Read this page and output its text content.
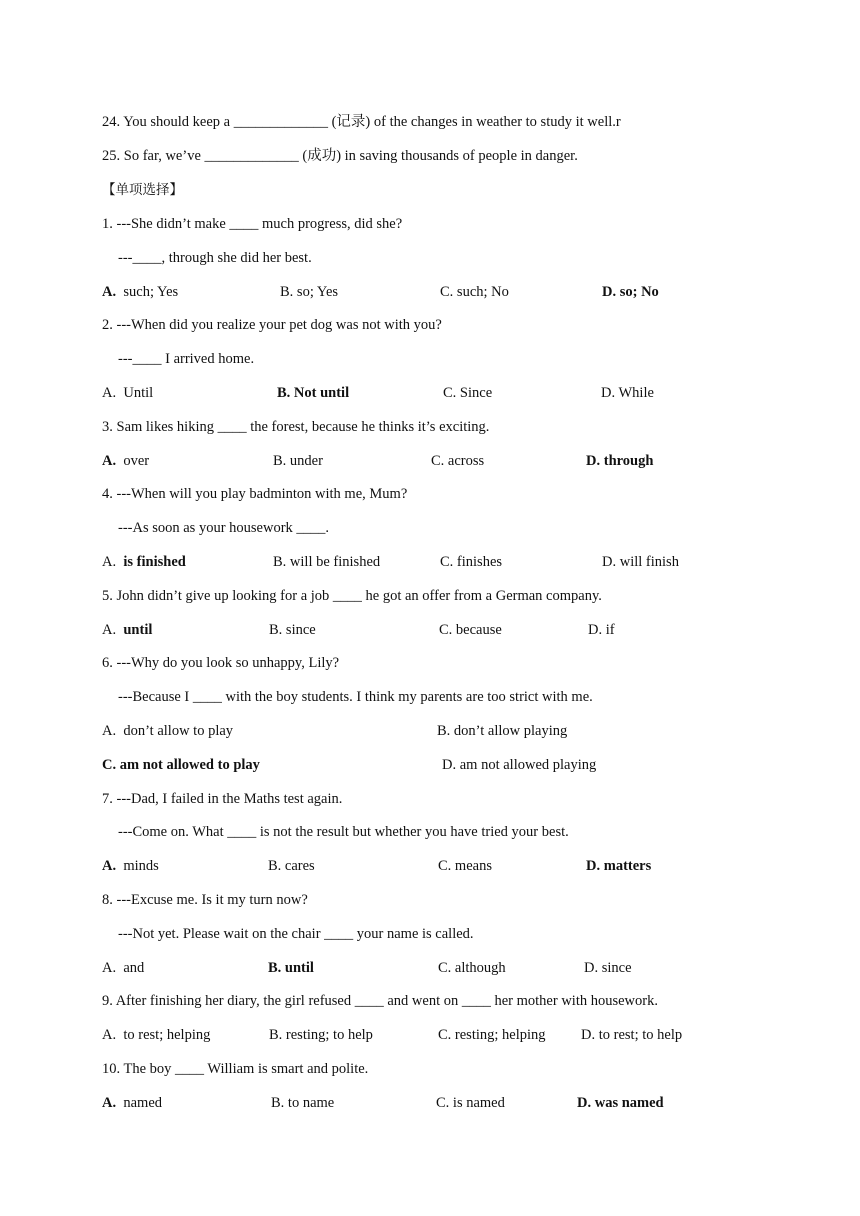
24. You should keep a _____________ (记录) of the changes in weather to study it well.r
25. So far, we’ve _____________ (成功) in saving thousands of people in danger.
【单项选择】
1. ---She didn’t make ____ much progress, did she?
---____, through she did her best.
A. such; Yes	B. so; Yes	C. such; No	D. so; No
2. ---When did you realize your pet dog was not with you?
---____ I arrived home.
A. Until	B. Not until	C. Since	D. While
3. Sam likes hiking ____ the forest, because he thinks it’s exciting.
A. over	B. under	C. across	D. through
4. ---When will you play badminton with me, Mum?
---As soon as your housework ____.
A. is finished	B. will be finished	C. finishes	D. will finish
5. John didn’t give up looking for a job ____ he got an offer from a German company.
A. until	B. since	C. because	D. if
6. ---Why do you look so unhappy, Lily?
---Because I ____ with the boy students. I think my parents are too strict with me.
A. don’t allow to play	B. don’t allow playing
C. am not allowed to play	D. am not allowed playing
7. ---Dad, I failed in the Maths test again.
---Come on. What ____ is not the result but whether you have tried your best.
A. minds	B. cares	C. means	D. matters
8. ---Excuse me. Is it my turn now?
---Not yet. Please wait on the chair ____ your name is called.
A. and	B. until	C. although	D. since
9. After finishing her diary, the girl refused ____ and went on ____ her mother with housework.
A. to rest; helping	B. resting; to help	C. resting; helping D. to rest; to help
10. The boy ____ William is smart and polite.
A. named	B. to name	C. is named	D. was named
